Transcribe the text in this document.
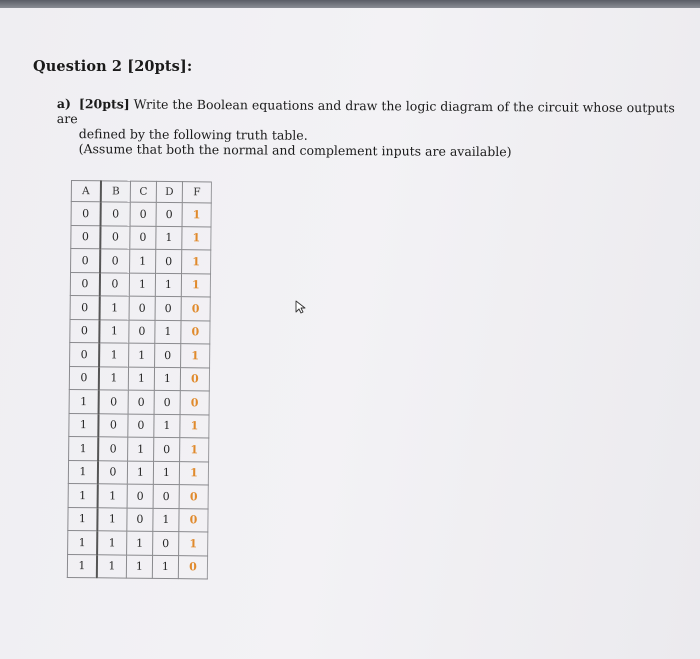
Question 2 [20pts]:
a) [20pts] Write the Boolean equations and draw the logic diagram of the circuit whose outputs are
defined by the following truth table.
(Assume that both the normal and complement inputs are available)
A	B	C	D	F
0	0	0	0	1
0	0	0	1	1
0	0	1	0	1
0	0	1	1	1
0	1	0	0	0
0	1	0	1	0
0	1	1	0	1
0	1	1	1	0
1	0	0	0	0
1	0	0	1	1
1	0	1	0	1
1	0	1	1	1
1	1	0	0	0
1	1	0	1	0
1	1	1	0	1
1	1	1	1	0
